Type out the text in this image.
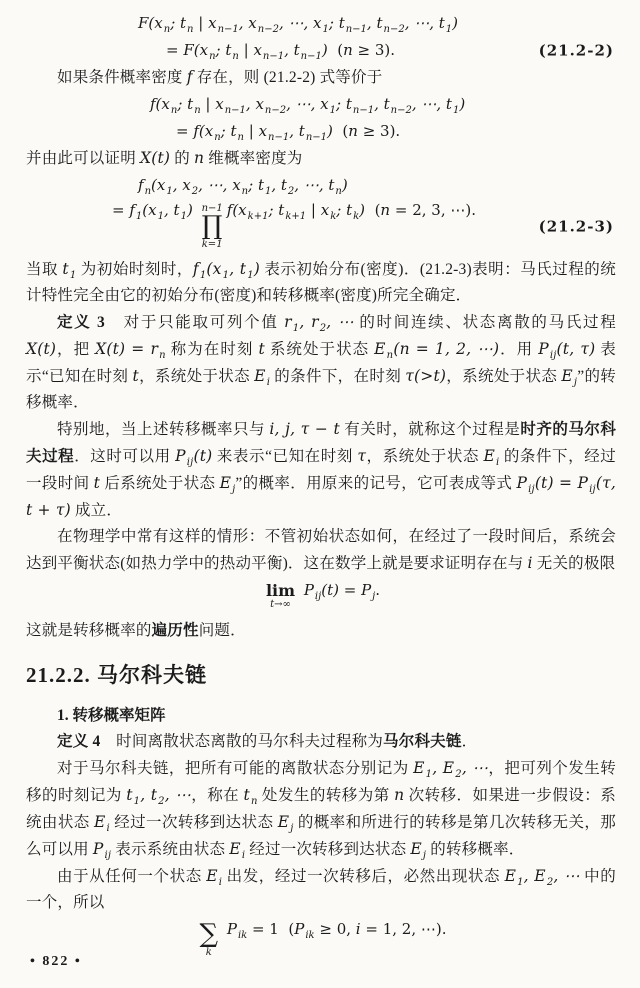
F( x n ; t n | x n−1 , x n−2 , ⋯, x 1 ; t n−1 , t n−2 , ⋯, t 1 )
= F( x n ; t n | x n−1 , t n−1 ) ( n ≥ 3).	(21.2-2)

如果条件概率密度 f 存在，则 (21.2-2) 式等价于

f( x n ; t n | x n−1 , x n−2 , ⋯, x 1 ; t n−1 , t n−2 , ⋯, t 1 )
= f( x n ; t n | x n−1 , t n−1 ) ( n ≥ 3).

并由此可以证明 X(t) 的 n 维概率密度为

f n ( x 1 , x 2 , ⋯, x n ; t 1 , t 2 , ⋯, t n )
= f 1 ( x 1 , t 1 ) n−1
∏
k=1
f ( x k+1 ; t k+1 | x k ; t k ) ( n = 2, 3, ⋯).
(21.2-3)

当取 $t_1$ 为初始时刻时，$f_1(x_1$, $t_1$) 表示初始分布(密度)．(21.2-3)表明：马氏过程的统计特性完全由它的初始分布(密度)和转移概率(密度)所完全确定．

定义 3　对于只能取可列个值 $r_1$, $r_2$, ⋯ 的时间连续、状态离散的马氏过程 X(t)，把 $X(t) = r_n$ 称为在时刻 t 系统处于状态 $E_n(n = 1$, 2, ⋯)．用 $P_{ij}(t$, τ) 表示“已知在时刻 t，系统处于状态 $E_i$ 的条件下，在时刻 τ(>t)，系统处于状态 $E_j$”的转移概率．

特别地，当上述转移概率只与 i, j, τ − t 有关时，就称这个过程是时齐的马尔科夫过程．这时可以用 $P_{ij}(t)$ 来表示“已知在时刻 τ，系统处于状态 $E_i$ 的条件下，经过一段时间 t 后系统处于状态 $E_j$”的概率．用原来的记号，它可表成等式 $P_{ij}(t) = P_{ij}(\tau$, t + τ) 成立．

在物理学中常有这样的情形：不管初始状态如何，在经过了一段时间后，系统会达到平衡状态(如热力学中的热动平衡)．这在数学上就是要求证明存在与 i 无关的极限

lim
t→∞

P ij (t) = P j .

这就是转移概率的遍历性问题．

21.2.2. 马尔科夫链
1. 转移概率矩阵

定义 4　时间离散状态离散的马尔科夫过程称为马尔科夫链．

对于马尔科夫链，把所有可能的离散状态分别记为 $E_1$, $E_2$, ⋯，把可列个发生转移的时刻记为 $t_1$, $t_2$, ⋯，称在 $t_n$ 处发生的转移为第 n 次转移．如果进一步假设：系统由状态 $E_i$ 经过一次转移到达状态 $E_j$ 的概率和所进行的转移是第几次转移无关，那么可以用 $P_{ij}$ 表示系统由状态 $E_i$ 经过一次转移到达状态 $E_j$ 的转移概率．

由于从任何一个状态 $E_i$ 出发，经过一次转移后，必然出现状态 $E_1$, $E_2$, ⋯ 中的一个，所以

∑
k

P ik = 1  ( P ik ≥ 0, i = 1, 2, ⋯).
• 822 •
